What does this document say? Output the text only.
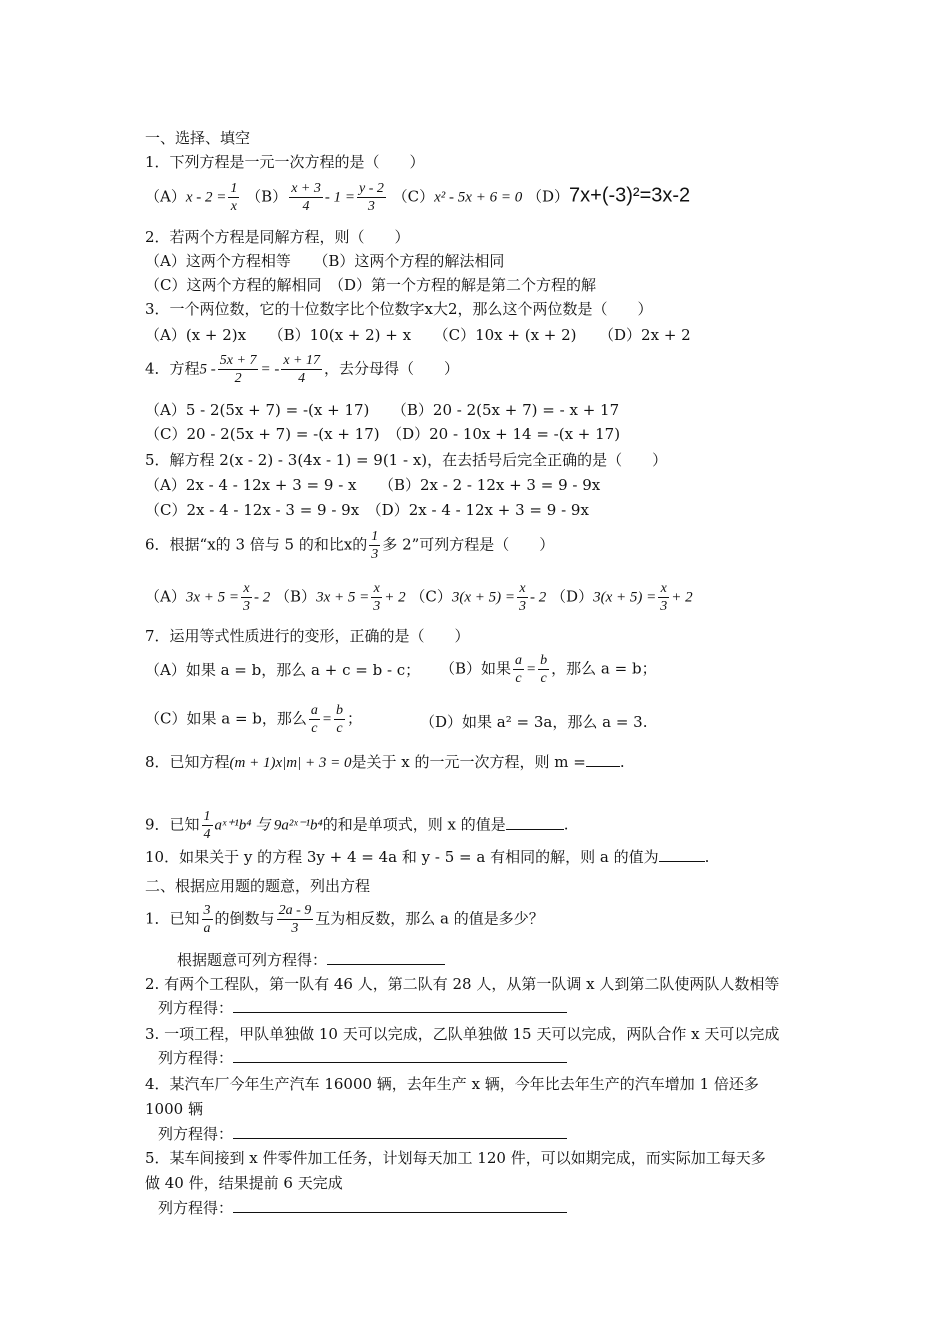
一、选择、填空
1．下列方程是一元一次方程的是（　　）
$(A)x - 2 = \frac{1}{x} (B) \frac{x + 3}{4} - 1 = \frac{y - 2}{3} (C)x^2 - 5x + 6 = 0$ （D）7x+(-3)²=3x-2
2．若两个方程是同解方程，则（　　）
（A）这两个方程相等　　（B）这两个方程的解法相同
（C）这两个方程的解相同　（D）第一个方程的解是第二个方程的解
3．一个两位数，它的十位数字比个位数字x大2，那么这个两位数是（　　）
（A）(x + 2)x　　（B）10(x + 2) + x　　（C）10x + (x + 2)　　（D）2x + 2
4．方程$5 - \frac{5x + 7}{2}$ = - $\frac{x + 17}{4}$ ，去分母得（　　）
（A）5 - 2(5x + 7) = -(x + 17)　　（B）20 - 2(5x + 7) = - x + 17
（C）20 - 2(5x + 7) = -(x + 17)　（D）20 - 10x + 14 = -(x + 17)
5．解方程 2(x - 2) - 3(4x - 1) = 9(1 - x)，在去括号后完全正确的是（　　）
（A）2x - 4 - 12x + 3 = 9 - x　　（B）2x - 2 - 12x + 3 = 9 - 9x
（C）2x - 4 - 12x - 3 = 9 - 9x　（D）2x - 4 - 12x + 3 = 9 - 9x
6．根据“x的 3 倍与 5 的和比x的 $\frac{1}{3}$ 多 2”可列方程是（　　）
$(A)3x + 5 = \frac{x}{3} - 2$ $(B)3x + 5 = \frac{x}{3} + 2$ $(C)3(x + 5) = \frac{x}{3} - 2$ $(D)3(x + 5) = \frac{x}{3} + 2$
7．运用等式性质进行的变形，正确的是（　　）
（A）如果 a = b，那么 a + c = b - c； （B）如果 $\frac{a}{c} = \frac{b}{c}$ ，那么 a = b；
（C）如果 a = b，那么 $\frac{a}{c} = \frac{b}{c}$ ；	（D）如果 a² = 3a，那么 a = 3.
8．已知方程(m + 1)x|m| + 3 = 0是关于 x 的一元一次方程，则 m = .
9．已知 $\frac{1}{4}$ aˣ⁺¹b⁴ 与 9a²ˣ⁻¹b⁴的和是单项式，则 x 的值是	.
10．如果关于 y 的方程 3y + 4 = 4a 和 y - 5 = a 有相同的解，则 a 的值为	.
二、根据应用题的题意，列出方程
1．已知 $\frac{3}{a}$ 的倒数与 $\frac{2a - 9}{3}$ 互为相反数，那么 a 的值是多少？
根据题意可列方程得：
2. 有两个工程队，第一队有 46 人，第二队有 28 人，从第一队调 x 人到第二队使两队人数相等
列方程得：
3. 一项工程，甲队单独做 10 天可以完成，乙队单独做 15 天可以完成，两队合作 x 天可以完成
列方程得：
4．某汽车厂今年生产汽车 16000 辆，去年生产 x 辆，今年比去年生产的汽车增加 1 倍还多
1000 辆
列方程得：
5．某车间接到 x 件零件加工任务，计划每天加工 120 件，可以如期完成，而实际加工每天多
做 40 件，结果提前 6 天完成
列方程得：
